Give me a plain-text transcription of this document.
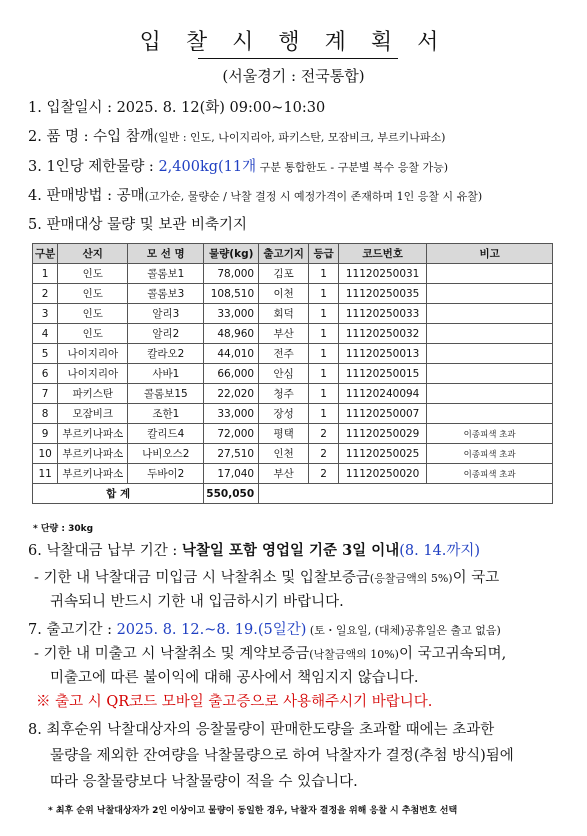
입 찰 시 행 계 획 서
(서울경기 : 전국통합)
1. 입찰일시 : 2025. 8. 12(화) 09:00~10:30
2. 품 명 : 수입 참깨(일반 : 인도, 나이지리아, 파키스탄, 모잠비크, 부르키나파소)
3. 1인당 제한물량 : 2,400kg(11개 구분 통합한도 - 구분별 복수 응찰 가능)
4. 판매방법 : 공매(고가순, 물량순 / 낙찰 결정 시 예정가격이 존재하며 1인 응찰 시 유찰)
5. 판매대상 물량 및 보관 비축기지
구분	산지	모 선 명	물량(kg)	출고기지	등급	코드번호	비고
1	인도	콜롬보1	78,000	김포	1	11120250031	
2	인도	콜롬보3	108,510	이천	1	11120250035	
3	인도	알리3	33,000	회덕	1	11120250033	
4	인도	알리2	48,960	부산	1	11120250032	
5	나이지리아	칼라오2	44,010	전주	1	11120250013	
6	나이지리아	사바1	66,000	안심	1	11120250015	
7	파키스탄	콜롬보15	22,020	청주	1	11120240094	
8	모잠비크	조한1	33,000	장성	1	11120250007	
9	부르키나파소	칼리드4	72,000	평택	2	11120250029	이종피색 초과
10	부르키나파소	나비오스2	27,510	인천	2	11120250025	이종피색 초과
11	부르키나파소	두바이2	17,040	부산	2	11120250020	이종피색 초과
합 계			550,050				
* 단량 : 30kg
6. 낙찰대금 납부 기간 : 낙찰일 포함 영업일 기준 3일 이내(8. 14.까지)
- 기한 내 낙찰대금 미입금 시 낙찰취소 및 입찰보증금(응찰금액의 5%)이 국고
귀속되니 반드시 기한 내 입금하시기 바랍니다.
7. 출고기간 : 2025. 8. 12.~8. 19.(5일간) (토・일요일, (대체)공휴일은 출고 없음)
- 기한 내 미출고 시 낙찰취소 및 계약보증금(낙찰금액의 10%)이 국고귀속되며,
미출고에 따른 불이익에 대해 공사에서 책임지지 않습니다.
※ 출고 시 QR코드 모바일 출고증으로 사용해주시기 바랍니다.
8. 최후순위 낙찰대상자의 응찰물량이 판매한도량을 초과할 때에는 초과한
물량을 제외한 잔여량을 낙찰물량으로 하여 낙찰자가 결정(추첨 방식)됨에
따라 응찰물량보다 낙찰물량이 적을 수 있습니다.
* 최후 순위 낙찰대상자가 2인 이상이고 물량이 동일한 경우, 낙찰자 결정을 위해 응찰 시 추첨번호 선택
